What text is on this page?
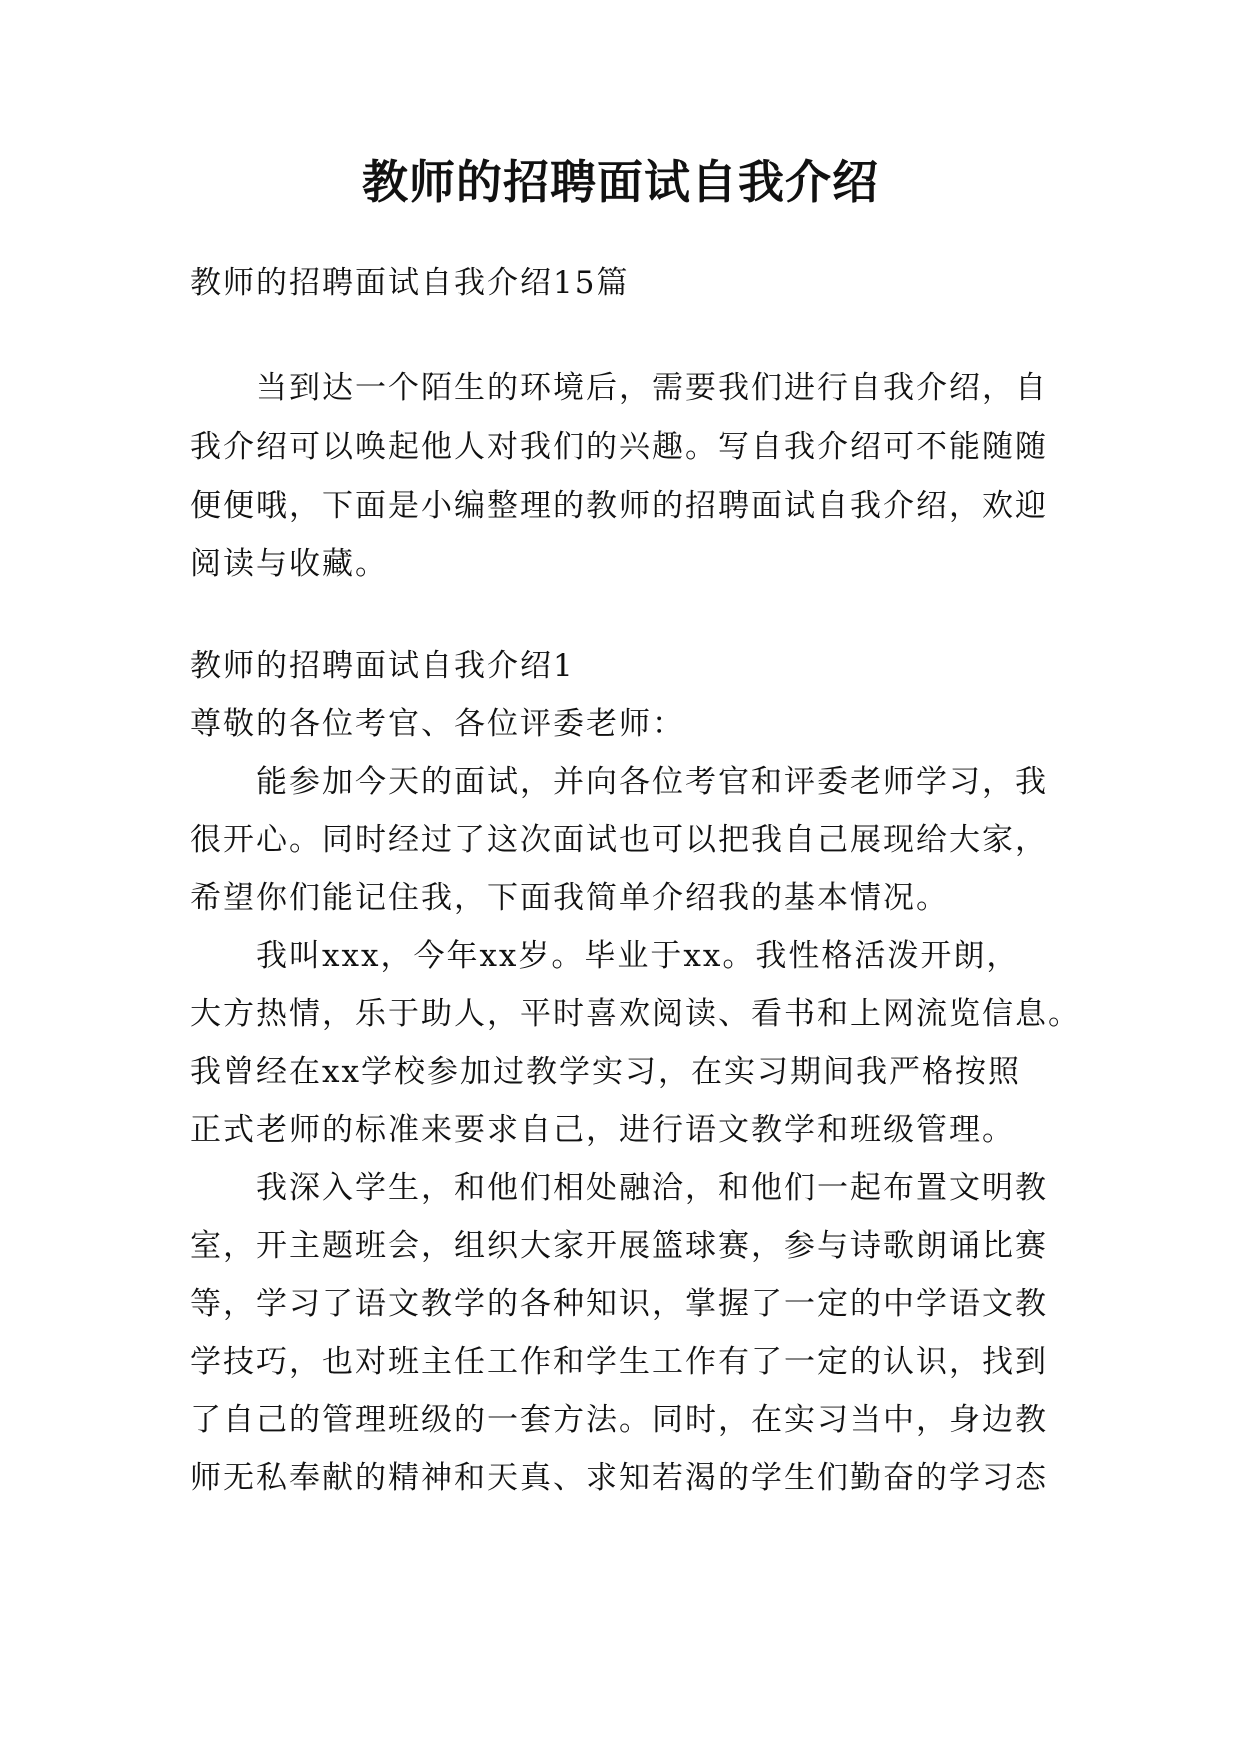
教师的招聘面试自我介绍
教师的招聘面试自我介绍15篇
当到达一个陌生的环境后，需要我们进行自我介绍，自
我介绍可以唤起他人对我们的兴趣。写自我介绍可不能随随
便便哦，下面是小编整理的教师的招聘面试自我介绍，欢迎
阅读与收藏。
教师的招聘面试自我介绍1
尊敬的各位考官、各位评委老师：
能参加今天的面试，并向各位考官和评委老师学习，我
很开心。同时经过了这次面试也可以把我自己展现给大家，
希望你们能记住我，下面我简单介绍我的基本情况。
我叫xxx，今年xx岁。毕业于xx。我性格活泼开朗，
大方热情，乐于助人，平时喜欢阅读、看书和上网流览信息。
我曾经在xx学校参加过教学实习，在实习期间我严格按照
正式老师的标准来要求自己，进行语文教学和班级管理。
我深入学生，和他们相处融洽，和他们一起布置文明教
室，开主题班会，组织大家开展篮球赛，参与诗歌朗诵比赛
等，学习了语文教学的各种知识，掌握了一定的中学语文教
学技巧，也对班主任工作和学生工作有了一定的认识，找到
了自己的管理班级的一套方法。同时，在实习当中，身边教
师无私奉献的精神和天真、求知若渴的学生们勤奋的学习态
